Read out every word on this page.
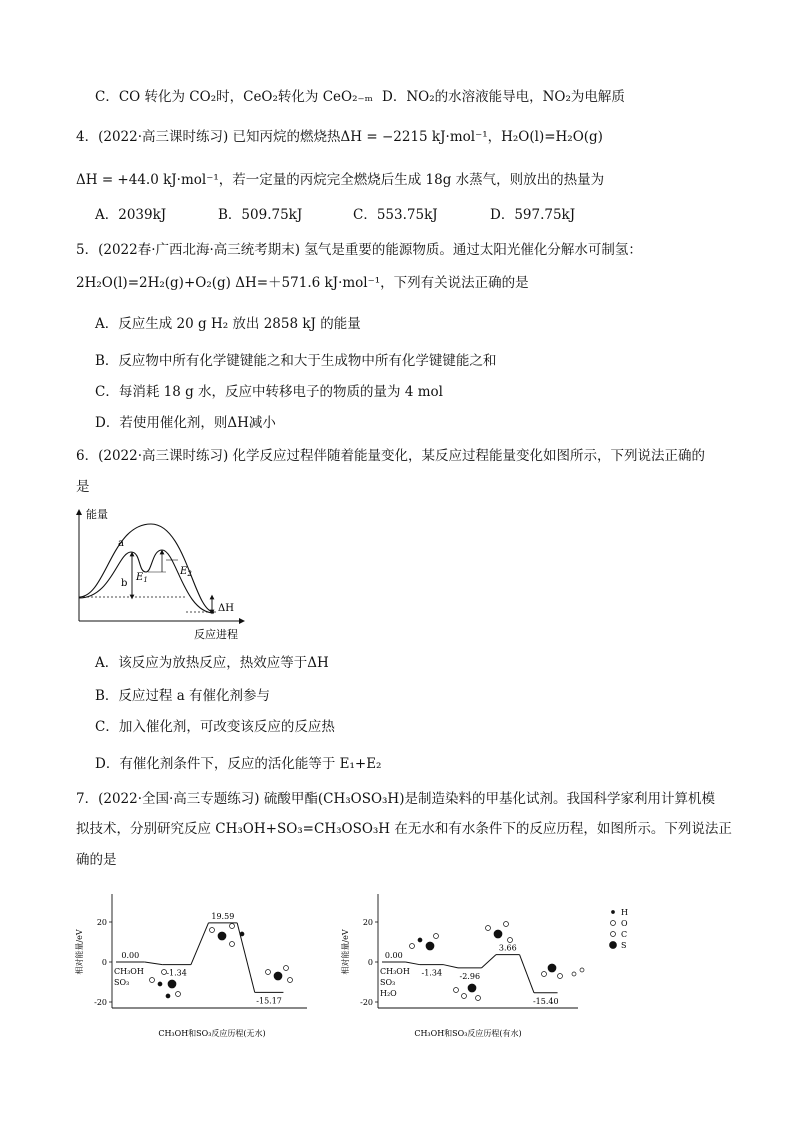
C．CO 转化为 CO₂时，CeO₂转化为 CeO₂₋ₘ D．NO₂的水溶液能导电，NO₂为电解质
4．(2022·高三课时练习) 已知丙烷的燃烧热ΔH = −2215 kJ·mol⁻¹，H₂O(l)=H₂O(g)
ΔH = +44.0 kJ·mol⁻¹，若一定量的丙烷完全燃烧后生成 18g 水蒸气，则放出的热量为
A．2039kJ	B．509.75kJ	C．553.75kJ	D．597.75kJ
5．(2022春·广西北海·高三统考期末) 氢气是重要的能源物质。通过太阳光催化分解水可制氢：
2H₂O(l)=2H₂(g)+O₂(g) ΔH=＋571.6 kJ·mol⁻¹，下列有关说法正确的是
A．反应生成 20 g H₂ 放出 2858 kJ 的能量
B．反应物中所有化学键键能之和大于生成物中所有化学键键能之和
C．每消耗 18 g 水，反应中转移电子的物质的量为 4 mol
D．若使用催化剂，则ΔH减小
6．(2022·高三课时练习) 化学反应过程伴随着能量变化，某反应过程能量变化如图所示，下列说法正确的
是
能量
反应进程
a
b
$E_1$
$E_2$
ΔH
A．该反应为放热反应，热效应等于ΔH
B．反应过程 a 有催化剂参与
C．加入催化剂，可改变该反应的反应热
D．有催化剂条件下，反应的活化能等于 E₁+E₂
7．(2022·全国·高三专题练习) 硫酸甲酯(CH₃OSO₃H)是制造染料的甲基化试剂。我国科学家利用计算机模
拟技术，分别研究反应 CH₃OH+SO₃=CH₃OSO₃H 在无水和有水条件下的反应历程，如图所示。下列说法正
确的是
20
0
-20
相对能量/eV
CH₃OH和SO₃反应历程(无水)
0.00
-1.34
19.59
-15.17
CH₃OH
SO₃
20
0
-20
相对能量/eV
CH₃OH和SO₃反应历程(有水)
0.00
-1.34 -2.96
3.66
-15.40
CH₃OH
SO₃
H₂O
H
O
C
S
